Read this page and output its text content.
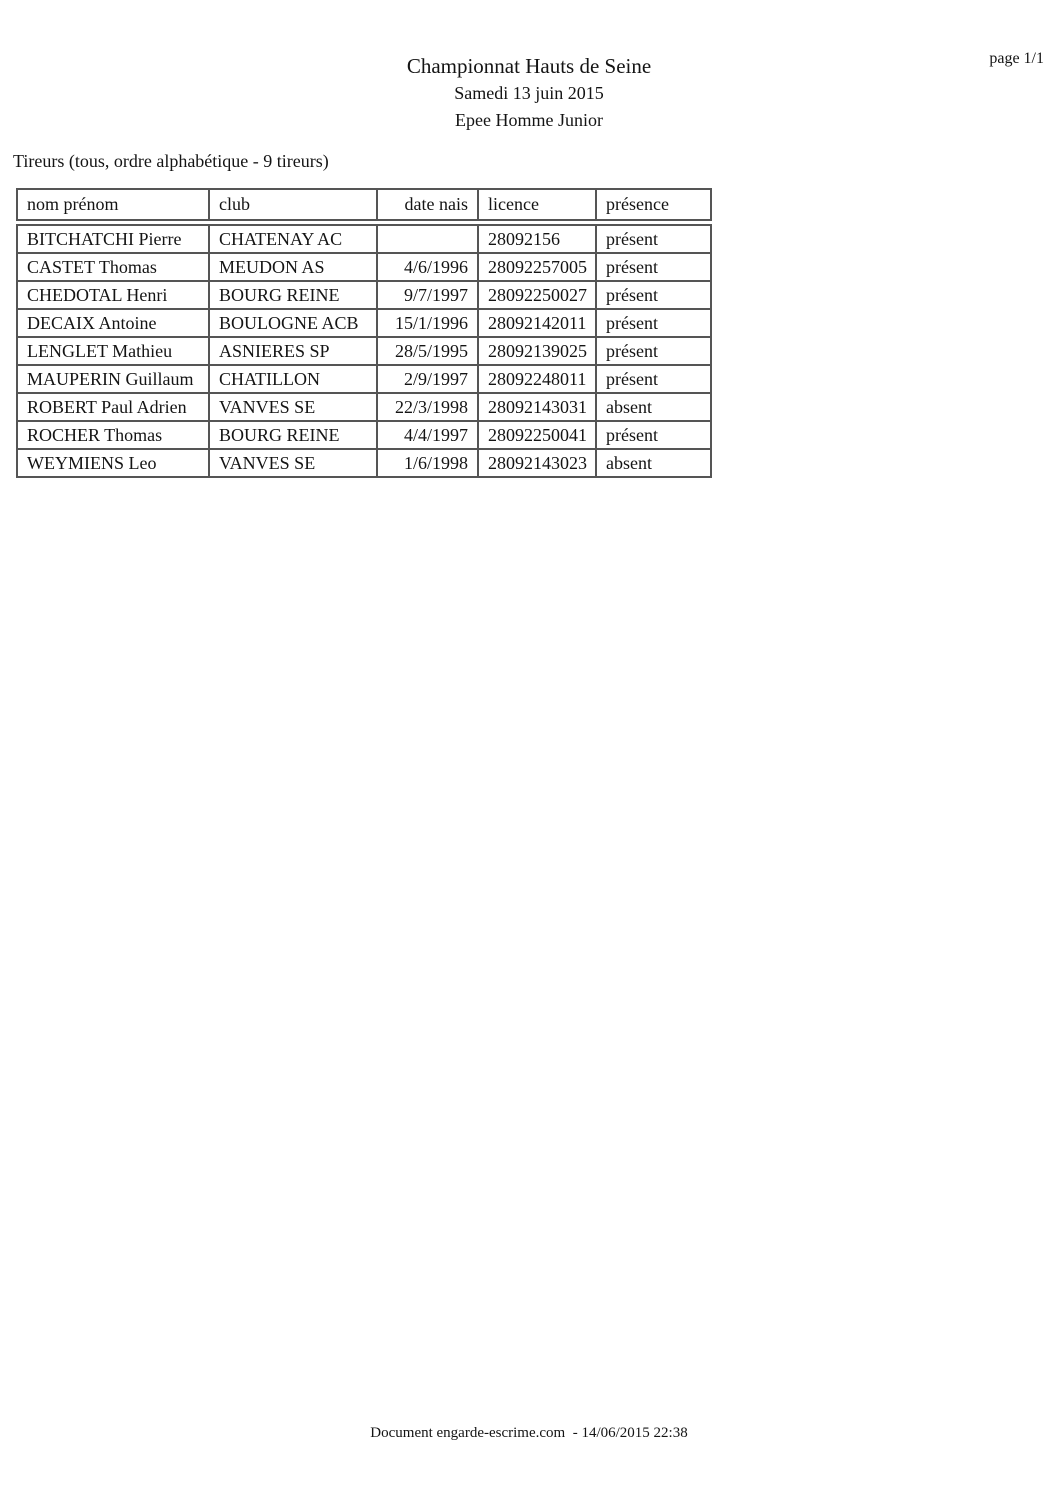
page 1/1
Championnat Hauts de Seine
Samedi 13 juin 2015
Epee Homme Junior
Tireurs (tous, ordre alphabétique - 9 tireurs)
nom prénom	club	date nais	licence	présence
BITCHATCHI Pierre	CHATENAY AC		28092156	présent
CASTET Thomas	MEUDON AS	4/6/1996	28092257005	présent
CHEDOTAL Henri	BOURG REINE	9/7/1997	28092250027	présent
DECAIX Antoine	BOULOGNE ACB	15/1/1996	28092142011	présent
LENGLET Mathieu	ASNIERES SP	28/5/1995	28092139025	présent
MAUPERIN Guillaum	CHATILLON	2/9/1997	28092248011	présent
ROBERT Paul Adrien	VANVES SE	22/3/1998	28092143031	absent
ROCHER Thomas	BOURG REINE	4/4/1997	28092250041	présent
WEYMIENS Leo	VANVES SE	1/6/1998	28092143023	absent
Document engarde-escrime.com  - 14/06/2015 22:38
